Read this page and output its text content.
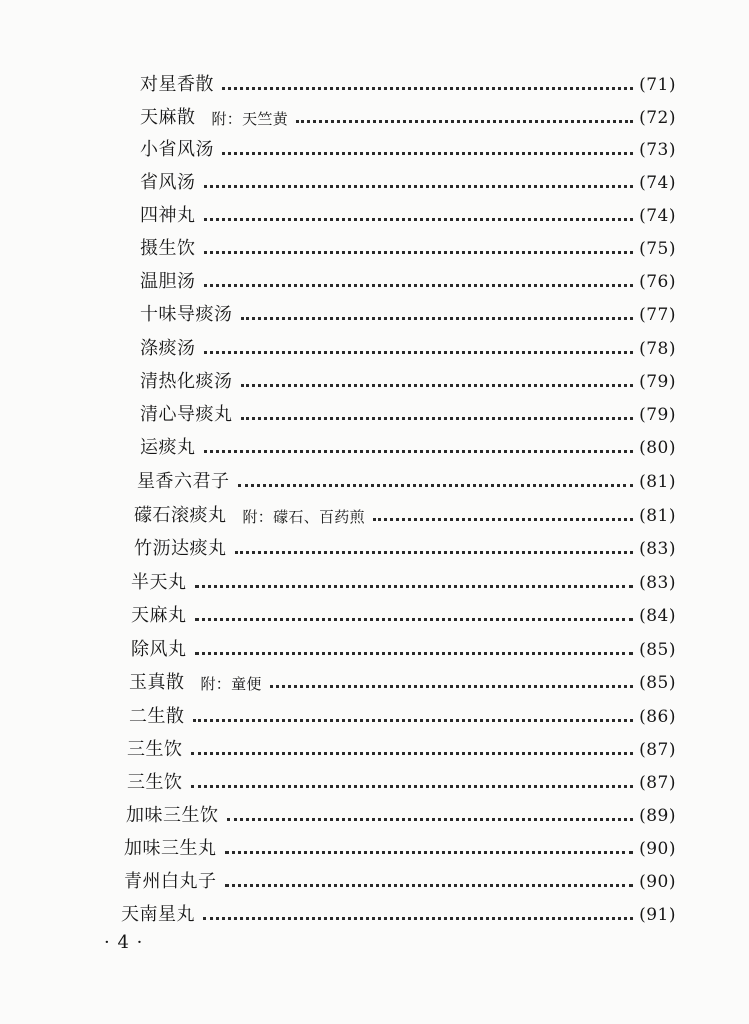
对星香散	(71)
天麻散 附：天竺黄	(72)
小省风汤	(73)
省风汤	(74)
四神丸	(74)
摄生饮	(75)
温胆汤	(76)
十味导痰汤	(77)
涤痰汤	(78)
清热化痰汤	(79)
清心导痰丸	(79)
运痰丸	(80)
星香六君子	(81)
礞石滚痰丸 附：礞石、百药煎	(81)
竹沥达痰丸	(83)
半天丸	(83)
天麻丸	(84)
除风丸	(85)
玉真散 附：童便	(85)
二生散	(86)
三生饮	(87)
三生饮	(87)
加味三生饮	(89)
加味三生丸	(90)
青州白丸子	(90)
天南星丸	(91)
· 4 ·
